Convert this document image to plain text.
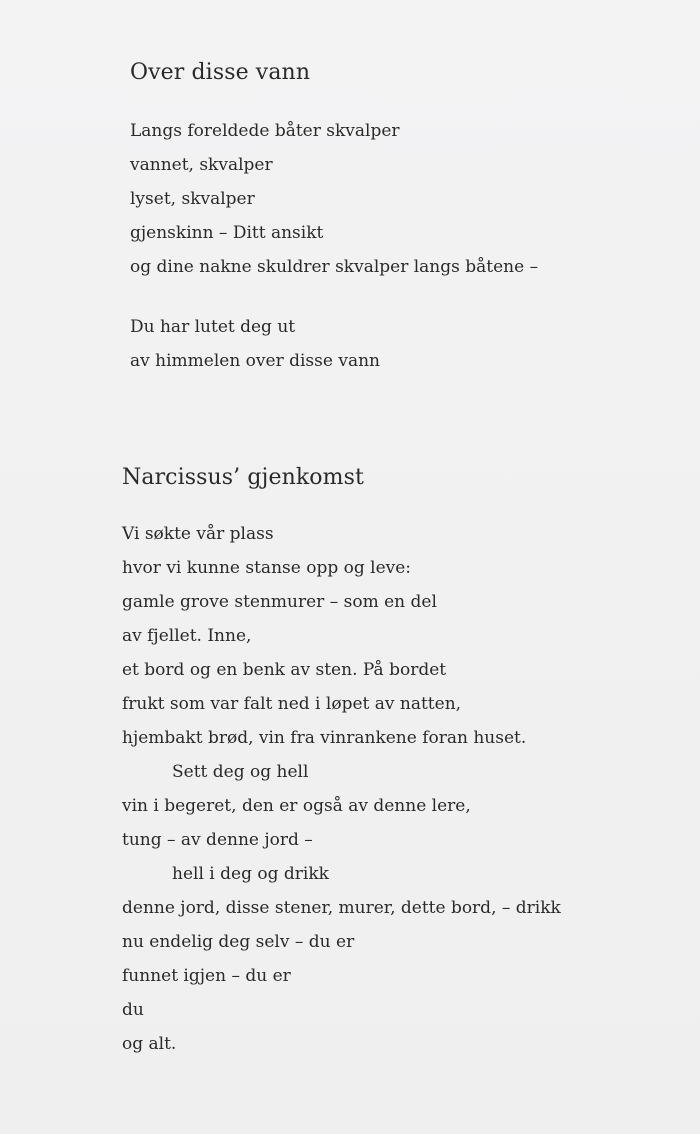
Over disse vann
Langs foreldede båter skvalper
vannet, skvalper
lyset, skvalper
gjenskinn – Ditt ansikt
og dine nakne skuldrer skvalper langs båtene –
Du har lutet deg ut
av himmelen over disse vann
Narcissus’ gjenkomst
Vi søkte vår plass
hvor vi kunne stanse opp og leve:
gamle grove stenmurer – som en del
av fjellet. Inne,
et bord og en benk av sten. På bordet
frukt som var falt ned i løpet av natten,
hjembakt brød, vin fra vinrankene foran huset.
Sett deg og hell
vin i begeret, den er også av denne lere,
tung – av denne jord –
hell i deg og drikk
denne jord, disse stener, murer, dette bord, – drikk
nu endelig deg selv – du er
funnet igjen – du er
du
og alt.
